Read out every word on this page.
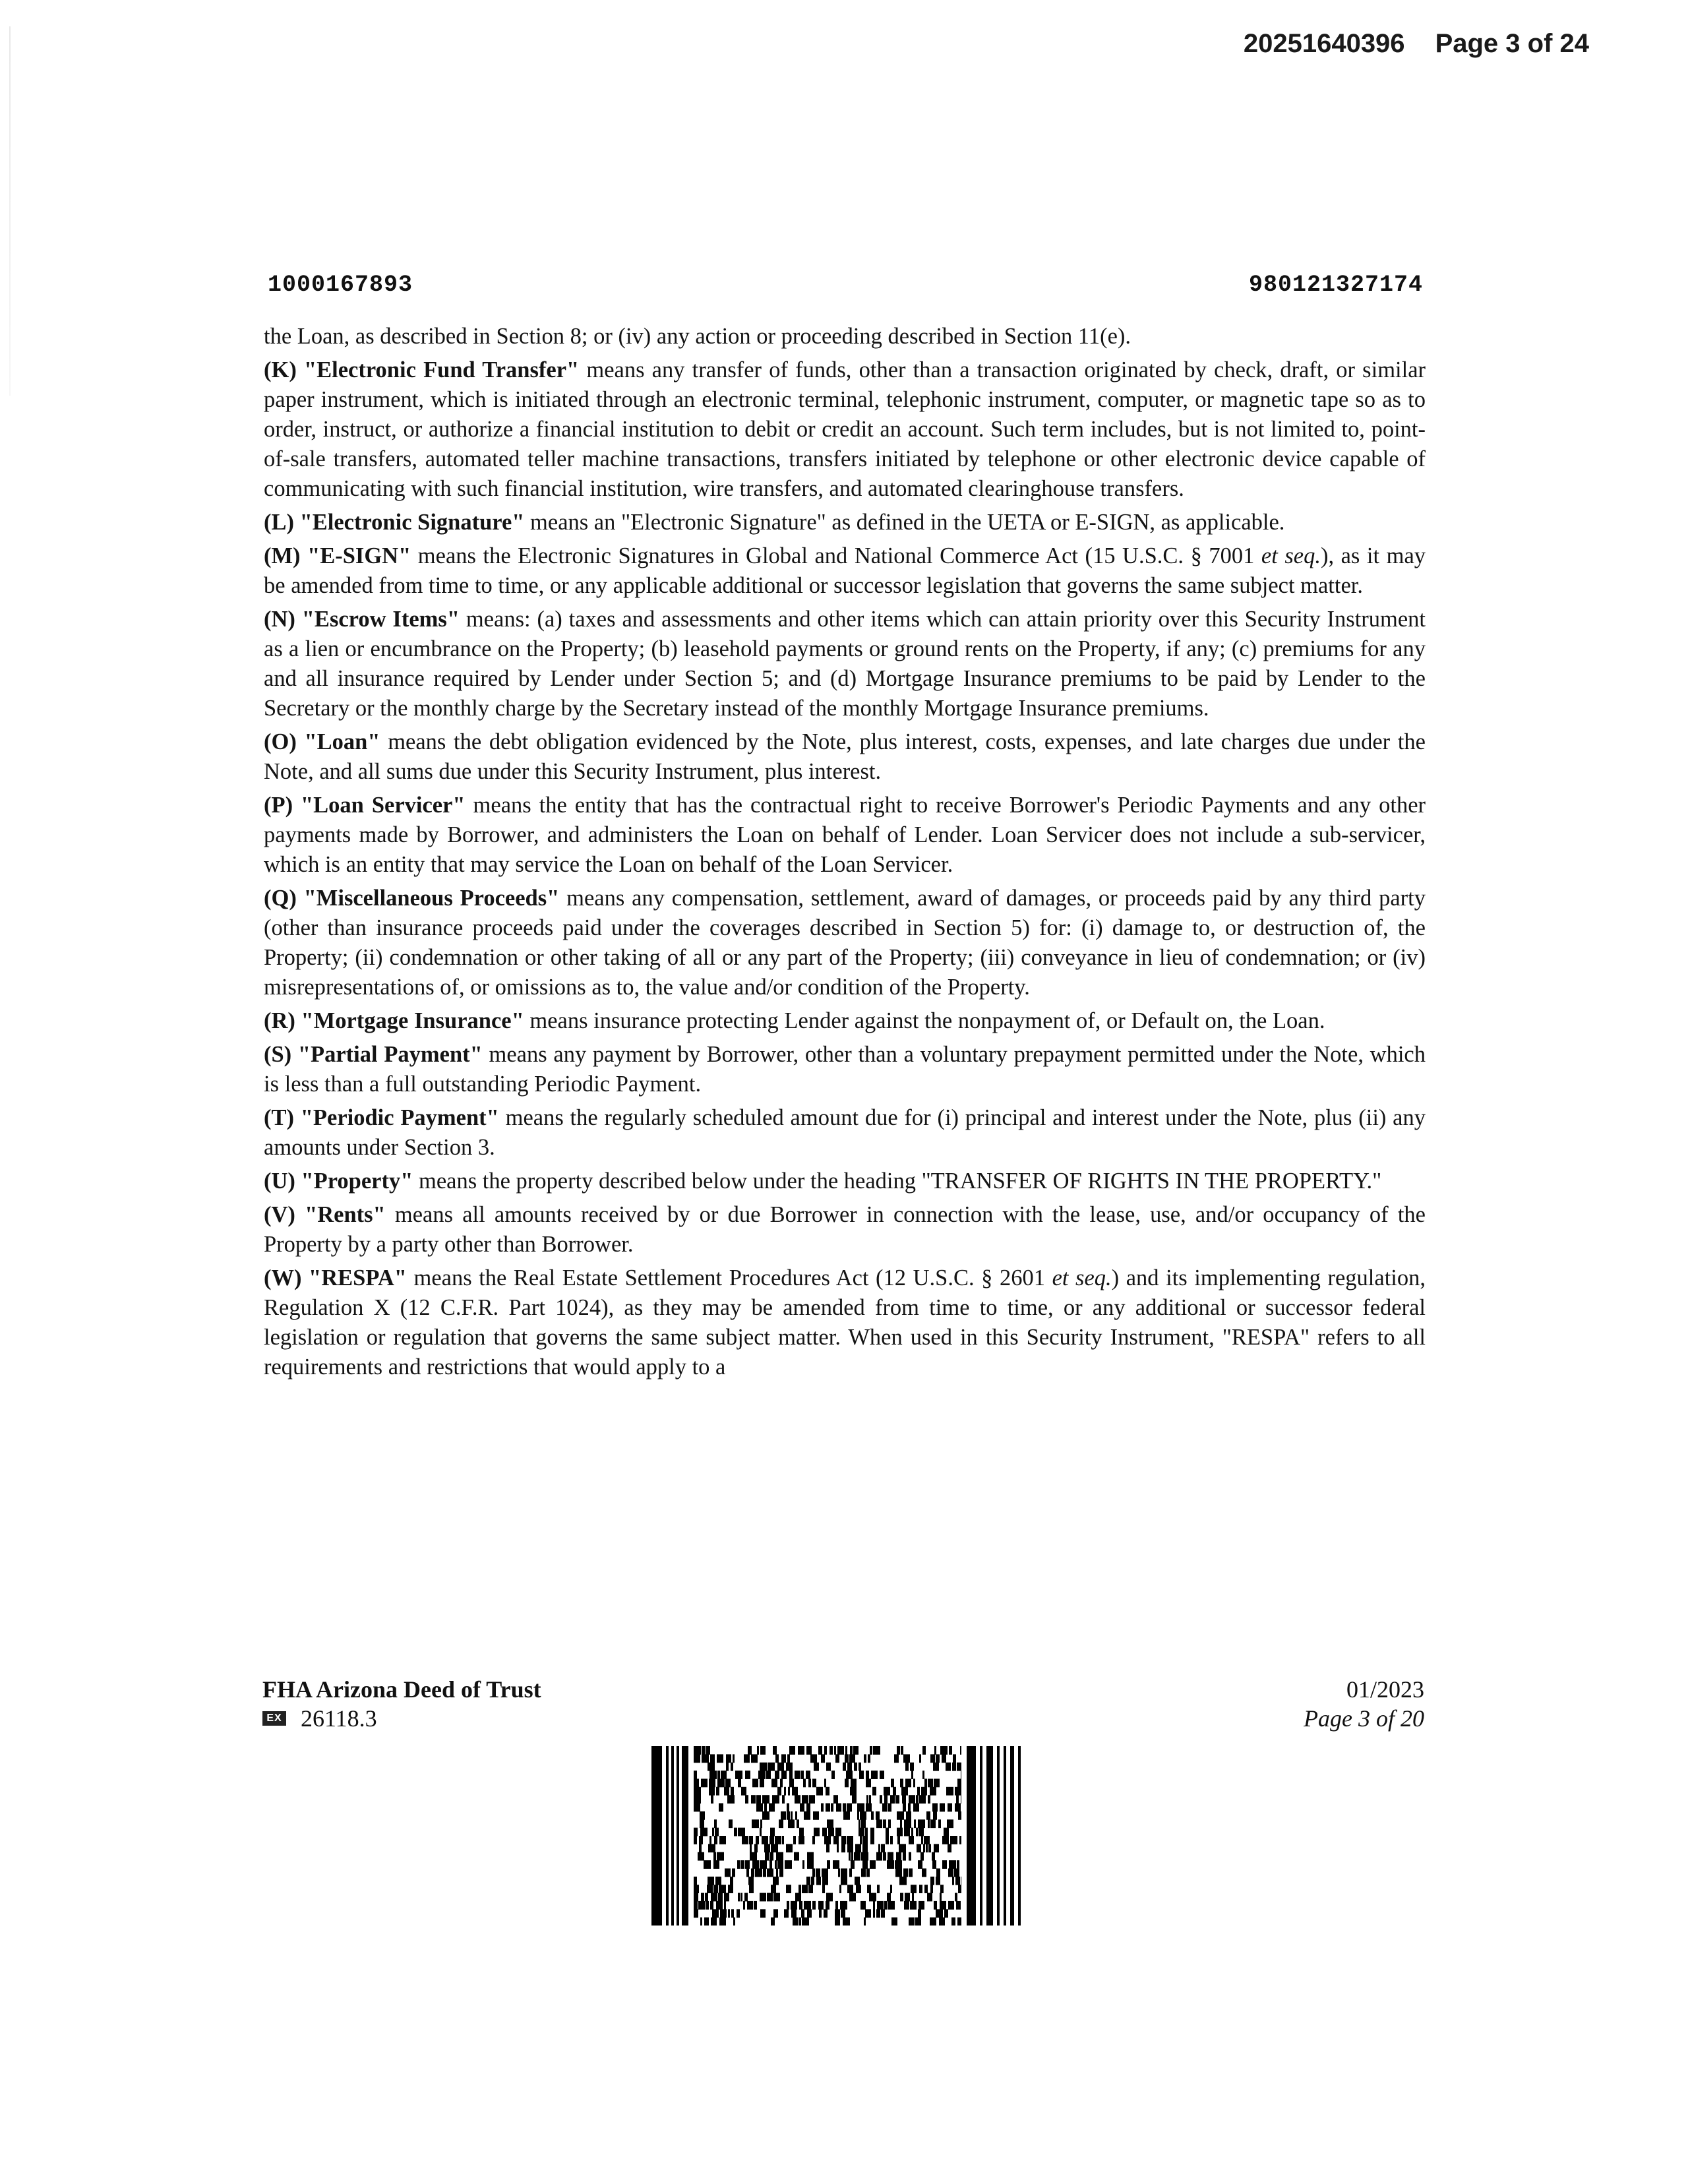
20251640396 Page 3 of 24
1000167893	980121327174

the Loan, as described in Section 8; or (iv) any action or proceeding described in Section 11(e).

(K) "Electronic Fund Transfer" means any transfer of funds, other than a transaction originated by check, draft, or similar paper instrument, which is initiated through an electronic terminal, telephonic instrument, computer, or magnetic tape so as to order, instruct, or authorize a financial institution to debit or credit an account. Such term includes, but is not limited to, point-of-sale transfers, automated teller machine transactions, transfers initiated by telephone or other electronic device capable of communicating with such financial institution, wire transfers, and automated clearinghouse transfers.

(L) "Electronic Signature" means an "Electronic Signature" as defined in the UETA or E-SIGN, as applicable.

(M) "E-SIGN" means the Electronic Signatures in Global and National Commerce Act (15 U.S.C. § 7001 et seq.), as it may be amended from time to time, or any applicable additional or successor legislation that governs the same subject matter.

(N) "Escrow Items" means: (a) taxes and assessments and other items which can attain priority over this Security Instrument as a lien or encumbrance on the Property; (b) leasehold payments or ground rents on the Property, if any; (c) premiums for any and all insurance required by Lender under Section 5; and (d) Mortgage Insurance premiums to be paid by Lender to the Secretary or the monthly charge by the Secretary instead of the monthly Mortgage Insurance premiums.

(O) "Loan" means the debt obligation evidenced by the Note, plus interest, costs, expenses, and late charges due under the Note, and all sums due under this Security Instrument, plus interest.

(P) "Loan Servicer" means the entity that has the contractual right to receive Borrower's Periodic Payments and any other payments made by Borrower, and administers the Loan on behalf of Lender. Loan Servicer does not include a sub-servicer, which is an entity that may service the Loan on behalf of the Loan Servicer.

(Q) "Miscellaneous Proceeds" means any compensation, settlement, award of damages, or proceeds paid by any third party (other than insurance proceeds paid under the coverages described in Section 5) for: (i) damage to, or destruction of, the Property; (ii) condemnation or other taking of all or any part of the Property; (iii) conveyance in lieu of condemnation; or (iv) misrepresentations of, or omissions as to, the value and/or condition of the Property.

(R) "Mortgage Insurance" means insurance protecting Lender against the nonpayment of, or Default on, the Loan.

(S) "Partial Payment" means any payment by Borrower, other than a voluntary prepayment permitted under the Note, which is less than a full outstanding Periodic Payment.

(T) "Periodic Payment" means the regularly scheduled amount due for (i) principal and interest under the Note, plus (ii) any amounts under Section 3.

(U) "Property" means the property described below under the heading "TRANSFER OF RIGHTS IN THE PROPERTY."

(V) "Rents" means all amounts received by or due Borrower in connection with the lease, use, and/or occupancy of the Property by a party other than Borrower.

(W) "RESPA" means the Real Estate Settlement Procedures Act (12 U.S.C. § 2601 et seq.) and its implementing regulation, Regulation X (12 C.F.R. Part 1024), as they may be amended from time to time, or any additional or successor federal legislation or regulation that governs the same subject matter. When used in this Security Instrument, "RESPA" refers to all requirements and restrictions that would apply to a

FHA Arizona Deed of Trust
EX 26118.3
01/2023
Page 3 of 20
